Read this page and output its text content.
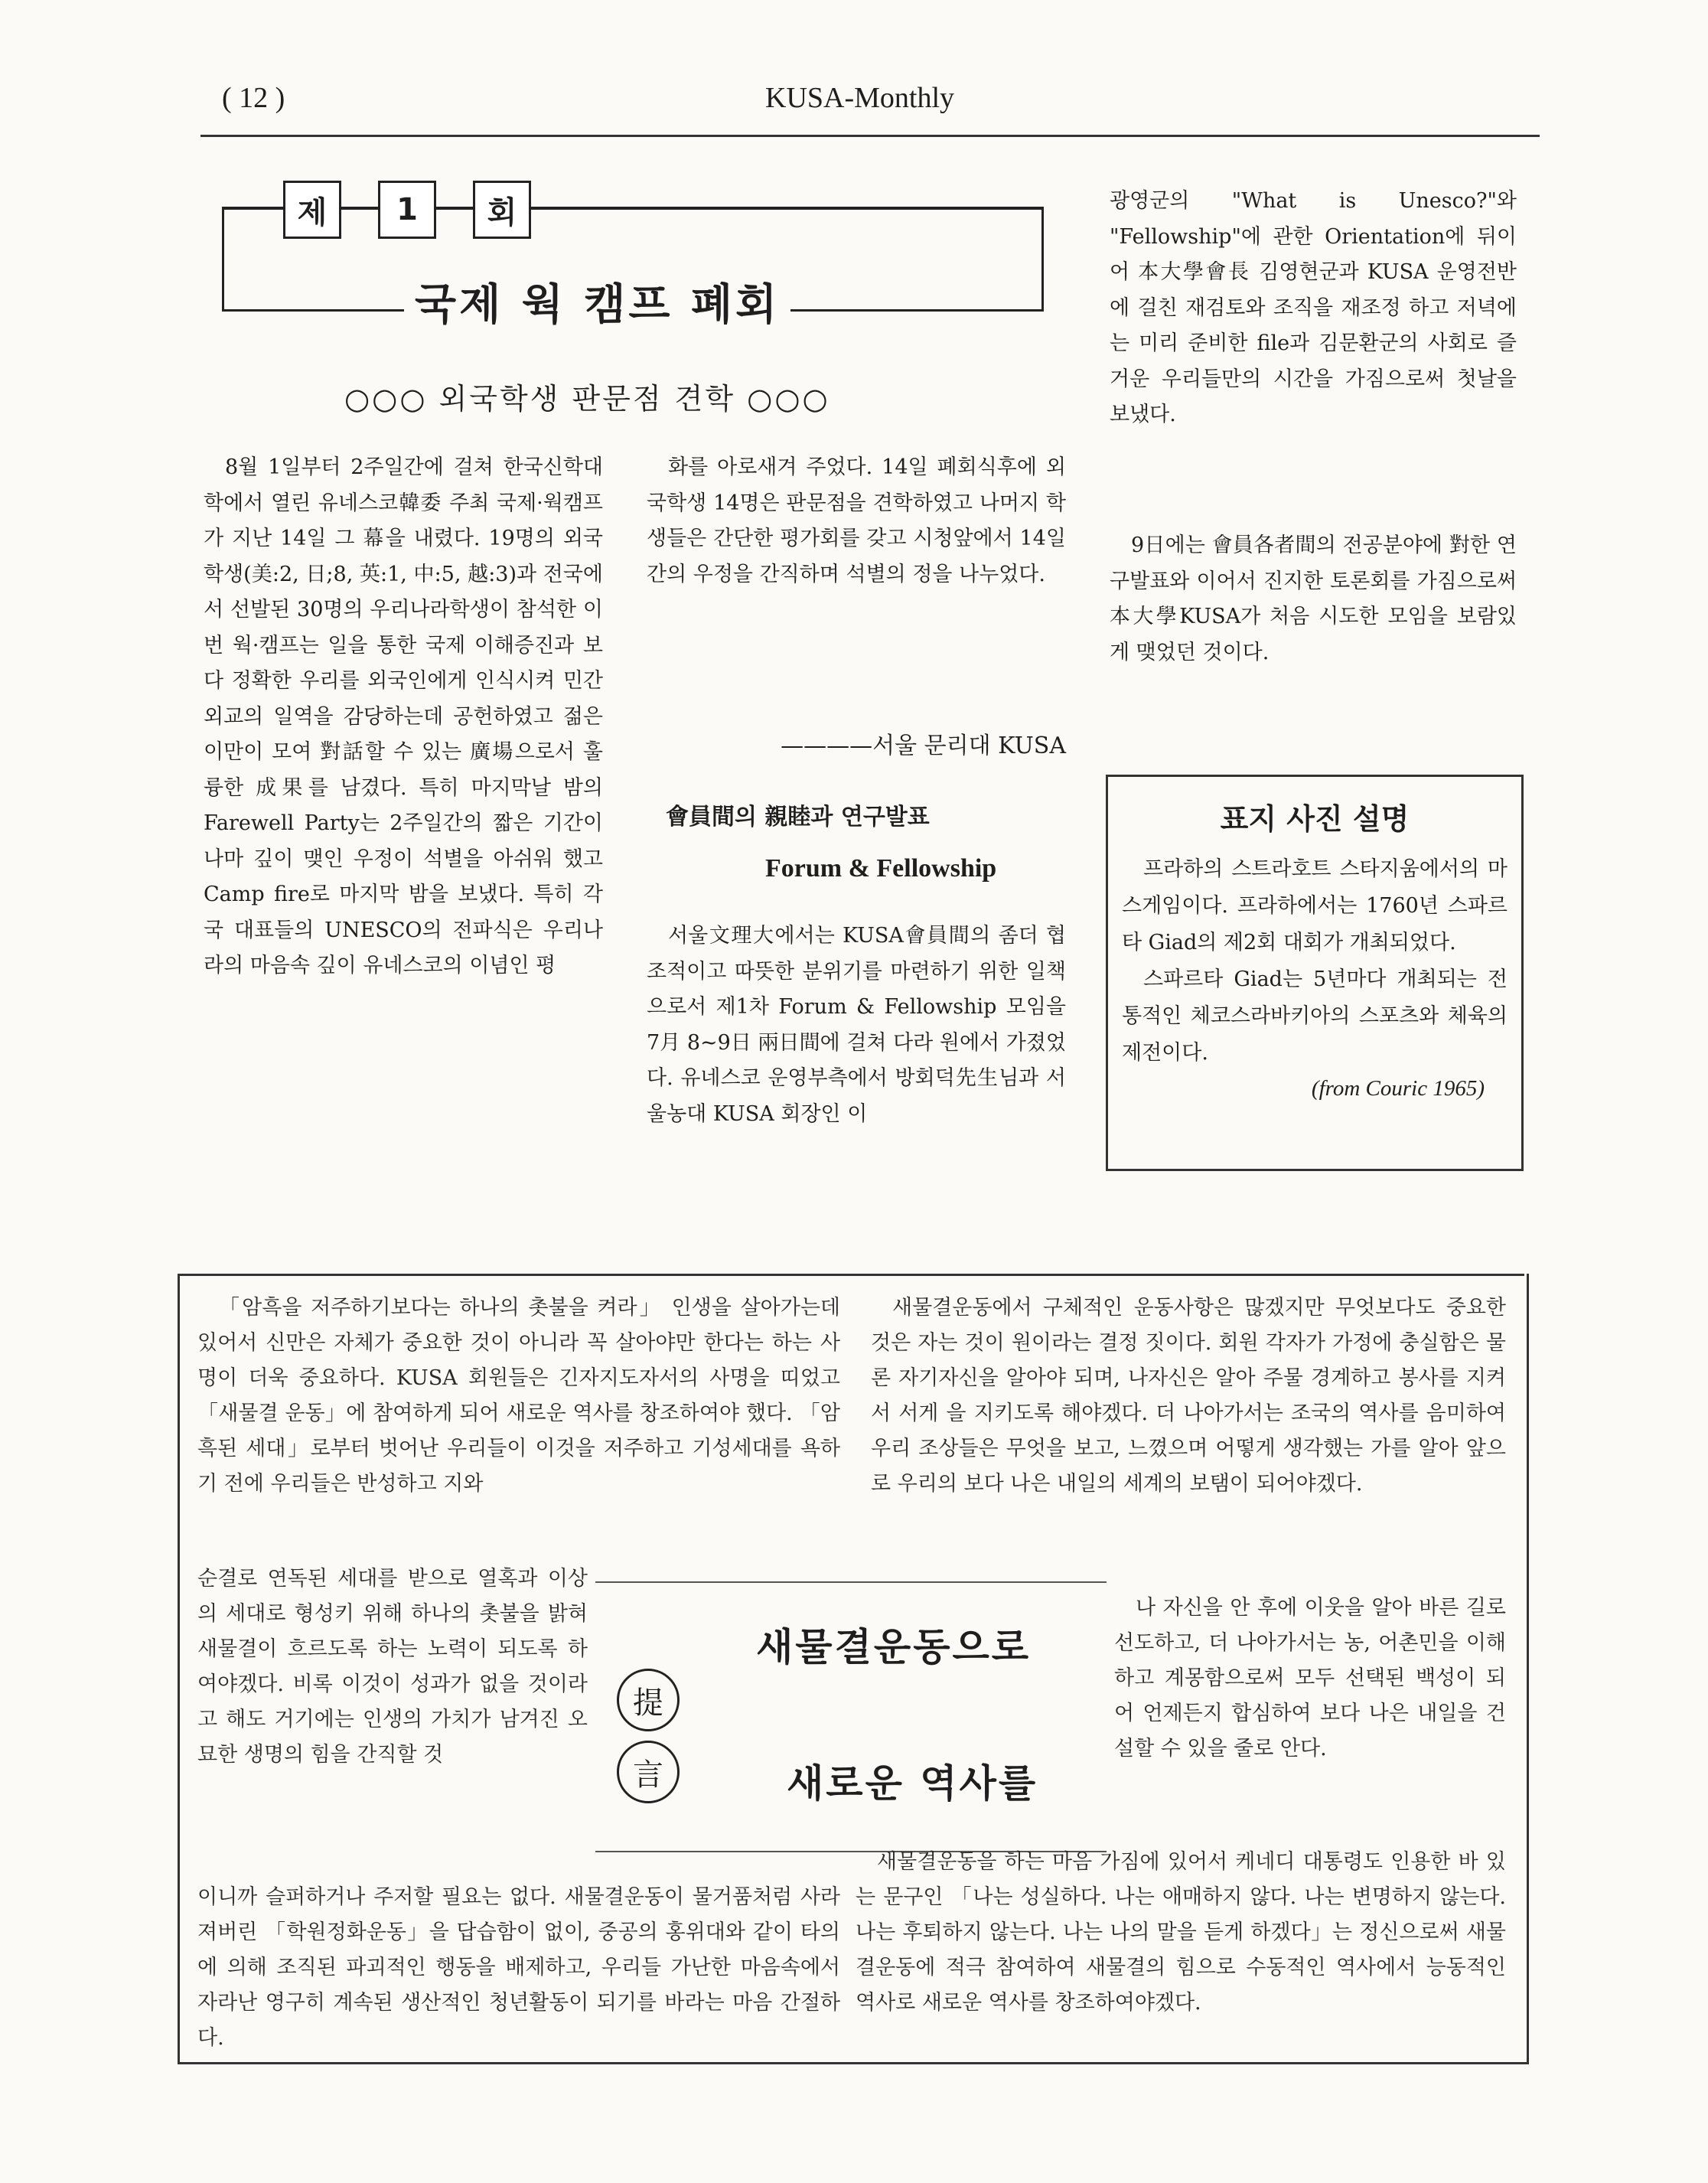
( 12 )	KUSA-Monthly
제	1	회
국제 웍 캠프 폐회
○○○ 외국학생 판문점 견학 ○○○
8월 1일부터 2주일간에 걸쳐 한국신학대학에서 열린 유네스코韓委 주최 국제·웍캠프가 지난 14일 그 幕을 내렸다. 19명의 외국 학생(美:2, 日;8, 英:1, 中:5, 越:3)과 전국에서 선발된 30명의 우리나라학생이 참석한 이번 웍·캠프는 일을 통한 국제 이해증진과 보다 정확한 우리를 외국인에게 인식시켜 민간외교의 일역을 감당하는데 공헌하였고 젊은이만이 모여 對話할 수 있는 廣場으로서 훌륭한 成果를 남겼다. 특히 마지막날 밤의 Farewell Party는 2주일간의 짧은 기간이나마 깊이 맺인 우정이 석별을 아쉬워 했고 Camp fire로 마지막 밤을 보냈다. 특히 각국 대표들의 UNESCO의 전파식은 우리나라의 마음속 깊이 유네스코의 이념인 평
화를 아로새겨 주었다. 14일 폐회식후에 외국학생 14명은 판문점을 견학하였고 나머지 학생들은 간단한 평가회를 갖고 시청앞에서 14일간의 우정을 간직하며 석별의 정을 나누었다.
————서울 문리대 KUSA
會員間의 親睦과 연구발표
Forum & Fellowship
서울文理大에서는 KUSA會員間의 좀더 협조적이고 따뜻한 분위기를 마련하기 위한 일책으로서 제1차 Forum & Fellowship 모임을 7月 8~9日 兩日間에 걸쳐 다라 원에서 가졌었다. 유네스코 운영부측에서 방회덕先生님과 서울농대 KUSA 회장인 이
광영군의 "What is Unesco?"와 "Fellowship"에 관한 Orientation에 뒤이어 本大學會長 김영현군과 KUSA 운영전반에 걸친 재검토와 조직을 재조정 하고 저녁에는 미리 준비한 file과 김문환군의 사회로 즐거운 우리들만의 시간을 가짐으로써 첫날을 보냈다.
9日에는 會員各者間의 전공분야에 對한 연구발표와 이어서 진지한 토론회를 가짐으로써 本大學KUSA가 처음 시도한 모임을 보람있게 맺었던 것이다.
표지 사진 설명
프라하의 스트라호트 스타지움에서의 마스게임이다. 프라하에서는 1760년 스파르타 Giad의 제2회 대회가 개최되었다.
스파르타 Giad는 5년마다 개최되는 전통적인 체코스라바키아의 스포츠와 체육의 제전이다.
(from Couric 1965)
「암흑을 저주하기보다는 하나의 촛불을 켜라」 인생을 살아가는데 있어서 신만은 자체가 중요한 것이 아니라 꼭 살아야만 한다는 하는 사명이 더욱 중요하다. KUSA 회원들은 긴자지도자서의 사명을 띠었고 「새물결 운동」에 참여하게 되어 새로운 역사를 창조하여야 했다. 「암흑된 세대」로부터 벗어난 우리들이 이것을 저주하고 기성세대를 욕하기 전에 우리들은 반성하고 지와
순결로 연독된 세대를 받으로 열혹과 이상의 세대로 형성키 위해 하나의 촛불을 밝혀 새물결이 흐르도록 하는 노력이 되도록 하여야겠다. 비록 이것이 성과가 없을 것이라고 해도 거기에는 인생의 가치가 남겨진 오묘한 생명의 힘을 간직할 것
提
言
새물결운동으로
새로운 역사를
새물결운동에서 구체적인 운동사항은 많겠지만 무엇보다도 중요한 것은 자는 것이 원이라는 결정 짓이다. 회원 각자가 가정에 충실함은 물론 자기자신을 알아야 되며, 나자신은 알아 주물 경계하고 봉사를 지켜서 서게 을 지키도록 해야겠다. 더 나아가서는 조국의 역사를 음미하여 우리 조상들은 무엇을 보고, 느꼈으며 어떻게 생각했는 가를 알아 앞으로 우리의 보다 나은 내일의 세계의 보탬이 되어야겠다.
나 자신을 안 후에 이웃을 알아 바른 길로 선도하고, 더 나아가서는 농, 어촌민을 이해하고 계몽함으로써 모두 선택된 백성이 되어 언제든지 합심하여 보다 나은 내일을 건설할 수 있을 줄로 안다.
이니까 슬퍼하거나 주저할 필요는 없다. 새물결운동이 물거품처럼 사라져버린 「학원정화운동」을 답습함이 없이, 중공의 홍위대와 같이 타의에 의해 조직된 파괴적인 행동을 배제하고, 우리들 가난한 마음속에서 자라난 영구히 계속된 생산적인 청년활동이 되기를 바라는 마음 간절하다.
새물결운동을 하는 마음 가짐에 있어서 케네디 대통령도 인용한 바 있는 문구인 「나는 성실하다. 나는 애매하지 않다. 나는 변명하지 않는다. 나는 후퇴하지 않는다. 나는 나의 말을 듣게 하겠다」는 정신으로써 새물결운동에 적극 참여하여 새물결의 힘으로 수동적인 역사에서 능동적인 역사로 새로운 역사를 창조하여야겠다.
